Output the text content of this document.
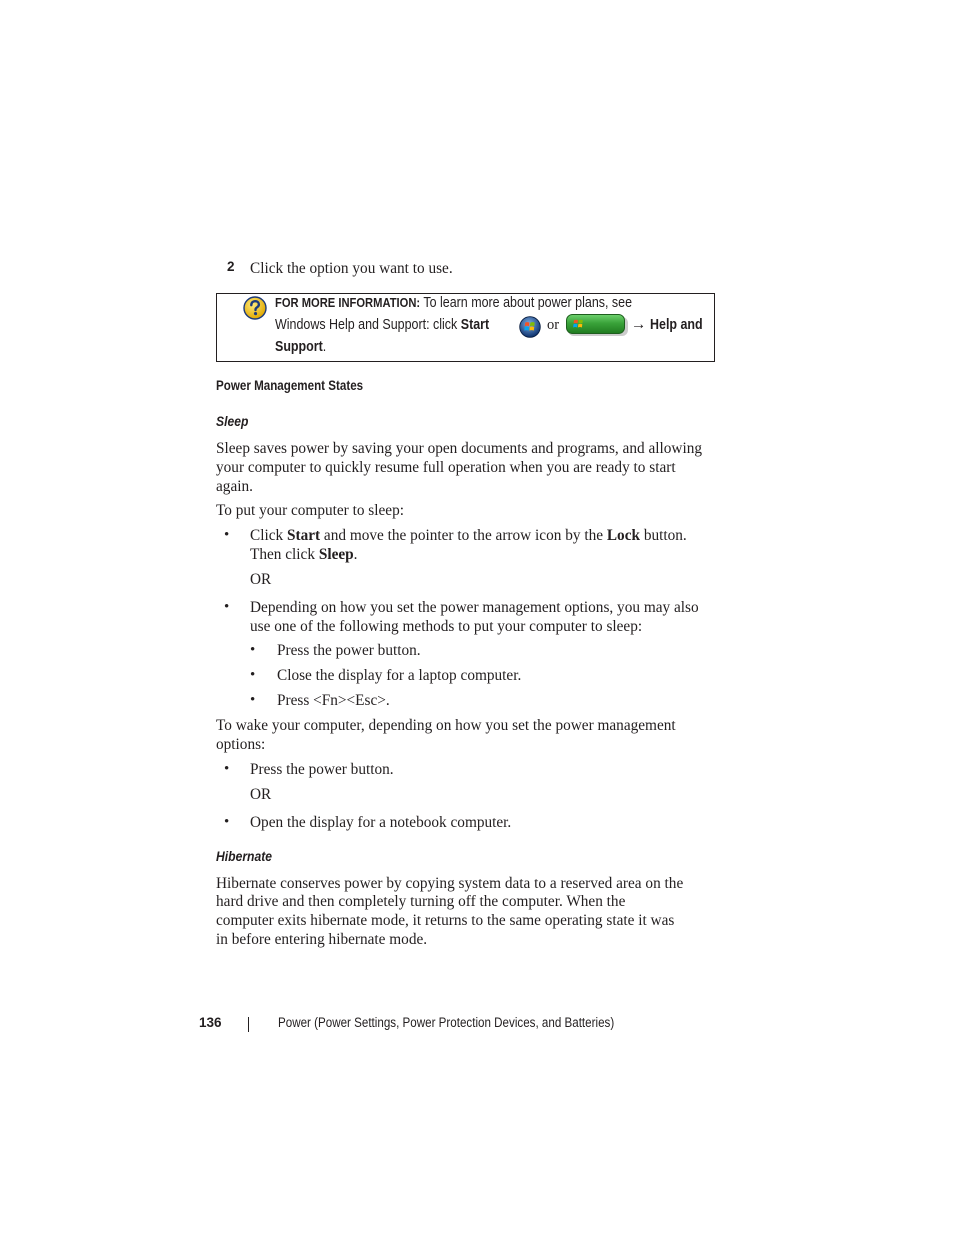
2 Click the option you want to use.
FOR MORE INFORMATION: To learn more about power plans, see
Windows Help and Support: click Start	or	→ Help and
Support.
Power Management States
Sleep
Sleep saves power by saving your open documents and programs, and allowing
your computer to quickly resume full operation when you are ready to start
again.
To put your computer to sleep:
• Click Start and move the pointer to the arrow icon by the Lock button.
Then click Sleep.
OR
• Depending on how you set the power management options, you may also
use one of the following methods to put your computer to sleep:
• Press the power button.
• Close the display for a laptop computer.
• Press <Fn><Esc>.
To wake your computer, depending on how you set the power management
options:
• Press the power button.
OR
• Open the display for a notebook computer.
Hibernate
Hibernate conserves power by copying system data to a reserved area on the
hard drive and then completely turning off the computer. When the
computer exits hibernate mode, it returns to the same operating state it was
in before entering hibernate mode.
136	Power (Power Settings, Power Protection Devices, and Batteries)
